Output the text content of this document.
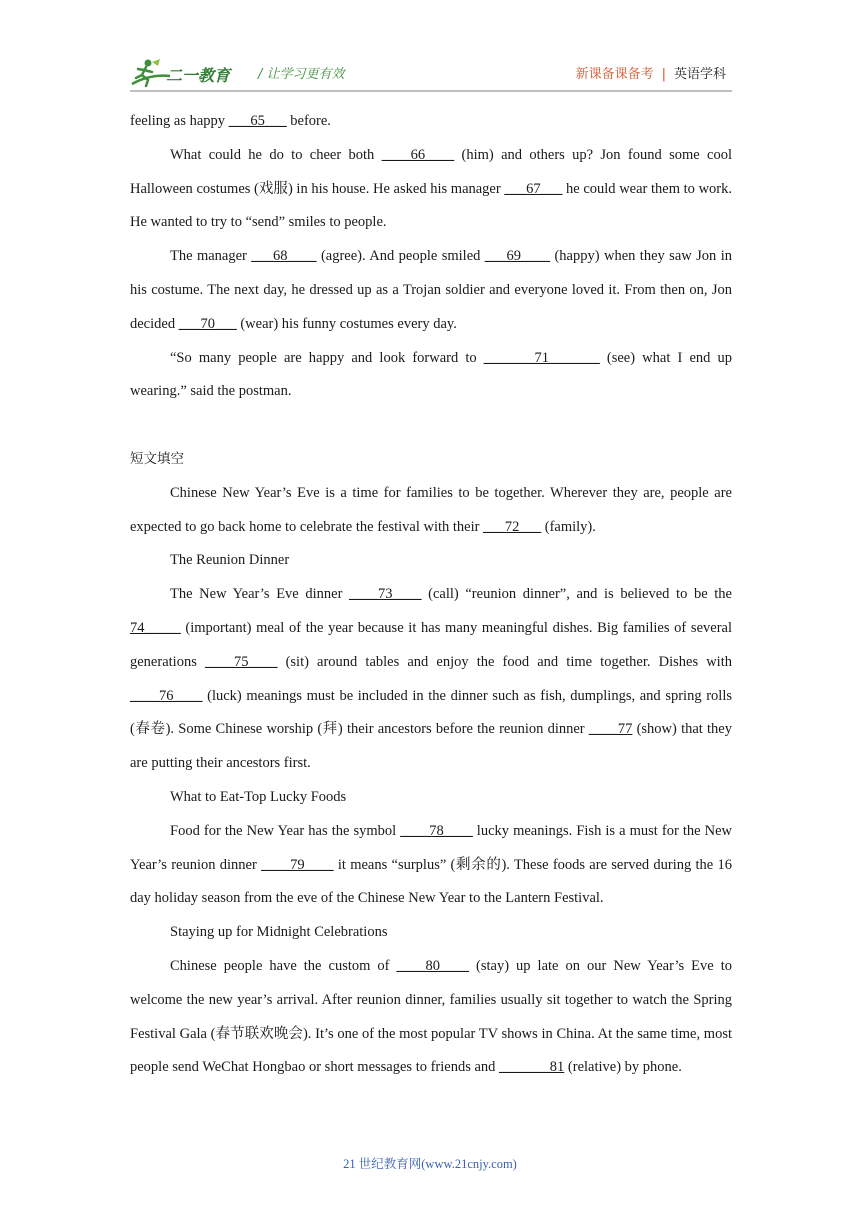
二一教育 / 让学习更有效	新课备课备考 | 英语学科

feeling as happy ___65___ before.

What could he do to cheer both ____66____ (him) and others up? Jon found some cool Halloween costumes (戏服) in his house. He asked his manager ___67___ he could wear them to work. He wanted to try to “send” smiles to people.

The manager ___68____ (agree). And people smiled ___69____ (happy) when they saw Jon in his costume. The next day, he dressed up as a Trojan soldier and everyone loved it. From then on, Jon decided ___70___ (wear) his funny costumes every day.

“So many people are happy and look forward to _______71_______ (see) what I end up wearing.” said the postman.

短文填空

Chinese New Year’s Eve is a time for families to be together. Wherever they are, people are expected to go back home to celebrate the festival with their ___72___ (family).

The Reunion Dinner

The New Year’s Eve dinner ____73____ (call) “reunion dinner”, and is believed to be the 74_____ (important) meal of the year because it has many meaningful dishes. Big families of several generations ____75____ (sit) around tables and enjoy the food and time together. Dishes with ____76____ (luck) meanings must be included in the dinner such as fish, dumplings, and spring rolls (春卷). Some Chinese worship (拜) their ancestors before the reunion dinner ____77 (show) that they are putting their ancestors first.

What to Eat-Top Lucky Foods

Food for the New Year has the symbol ____78____ lucky meanings. Fish is a must for the New Year’s reunion dinner ____79____ it means “surplus” (剩余的). These foods are served during the 16 day holiday season from the eve of the Chinese New Year to the Lantern Festival.

Staying up for Midnight Celebrations

Chinese people have the custom of ____80____ (stay) up late on our New Year’s Eve to welcome the new year’s arrival. After reunion dinner, families usually sit together to watch the Spring Festival Gala (春节联欢晚会). It’s one of the most popular TV shows in China. At the same time, most people send WeChat Hongbao or short messages to friends and _______81 (relative) by phone.

21 世纪教育网(www.21cnjy.com)
